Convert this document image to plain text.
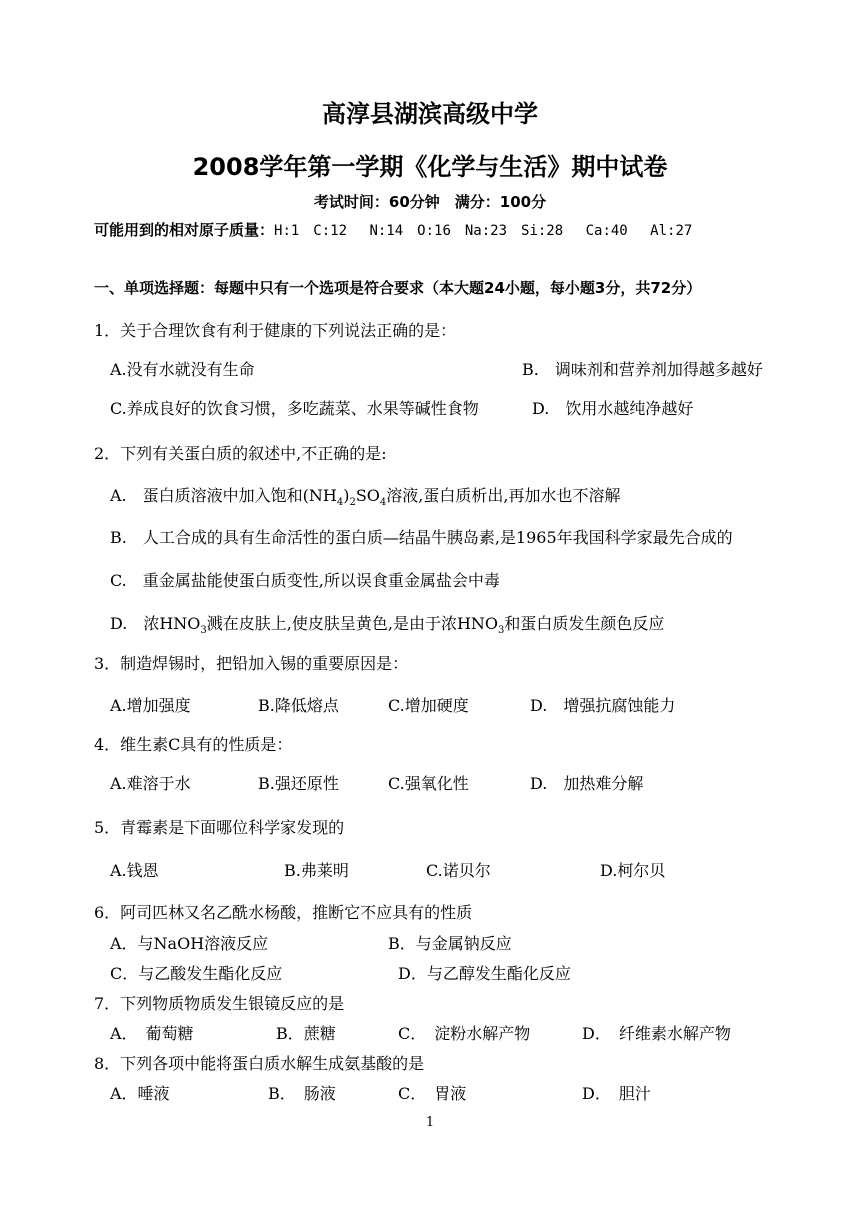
高淳县湖滨高级中学
2008学年第一学期《化学与生活》期中试卷
考试时间：60分钟　满分：100分
可能用到的相对原子质量：H:1　C:12　 N:14　O:16　Na:23　Si:28　 Ca:40　 Al:27
一、单项选择题：每题中只有一个选项是符合要求（本大题24小题，每小题3分，共72分）
1．关于合理饮食有利于健康的下列说法正确的是：
A.没有水就没有生命	B.　调味剂和营养剂加得越多越好
C.养成良好的饮食习惯，多吃蔬菜、水果等碱性食物	D.　饮用水越纯净越好
2．下列有关蛋白质的叙述中,不正确的是:
A.　蛋白质溶液中加入饱和$(NH_4)_2SO_4$溶液,蛋白质析出,再加水也不溶解
B.　人工合成的具有生命活性的蛋白质—结晶牛胰岛素,是1965年我国科学家最先合成的
C.　重金属盐能使蛋白质变性,所以误食重金属盐会中毒
D.　浓$HNO_3$溅在皮肤上,使皮肤呈黄色,是由于浓$HNO_3$和蛋白质发生颜色反应
3．制造焊锡时，把铅加入锡的重要原因是：
A.增加强度	B.降低熔点	C.增加硬度	D.　增强抗腐蚀能力
4．维生素C具有的性质是：
A.难溶于水	B.强还原性	C.强氧化性	D.　加热难分解
5．青霉素是下面哪位科学家发现的
A.钱恩	B.弗莱明	C.诺贝尔	D.柯尔贝
6．阿司匹林又名乙酰水杨酸，推断它不应具有的性质
A．与NaOH溶液反应	B．与金属钠反应
C．与乙酸发生酯化反应	D．与乙醇发生酯化反应
7．下列物质物质发生银镜反应的是
A．　葡萄糖	B．蔗糖	C．　淀粉水解产物	D．　纤维素水解产物
8．下列各项中能将蛋白质水解生成氨基酸的是
A．唾液	B．　肠液	C．　胃液	D．　胆汁
1
